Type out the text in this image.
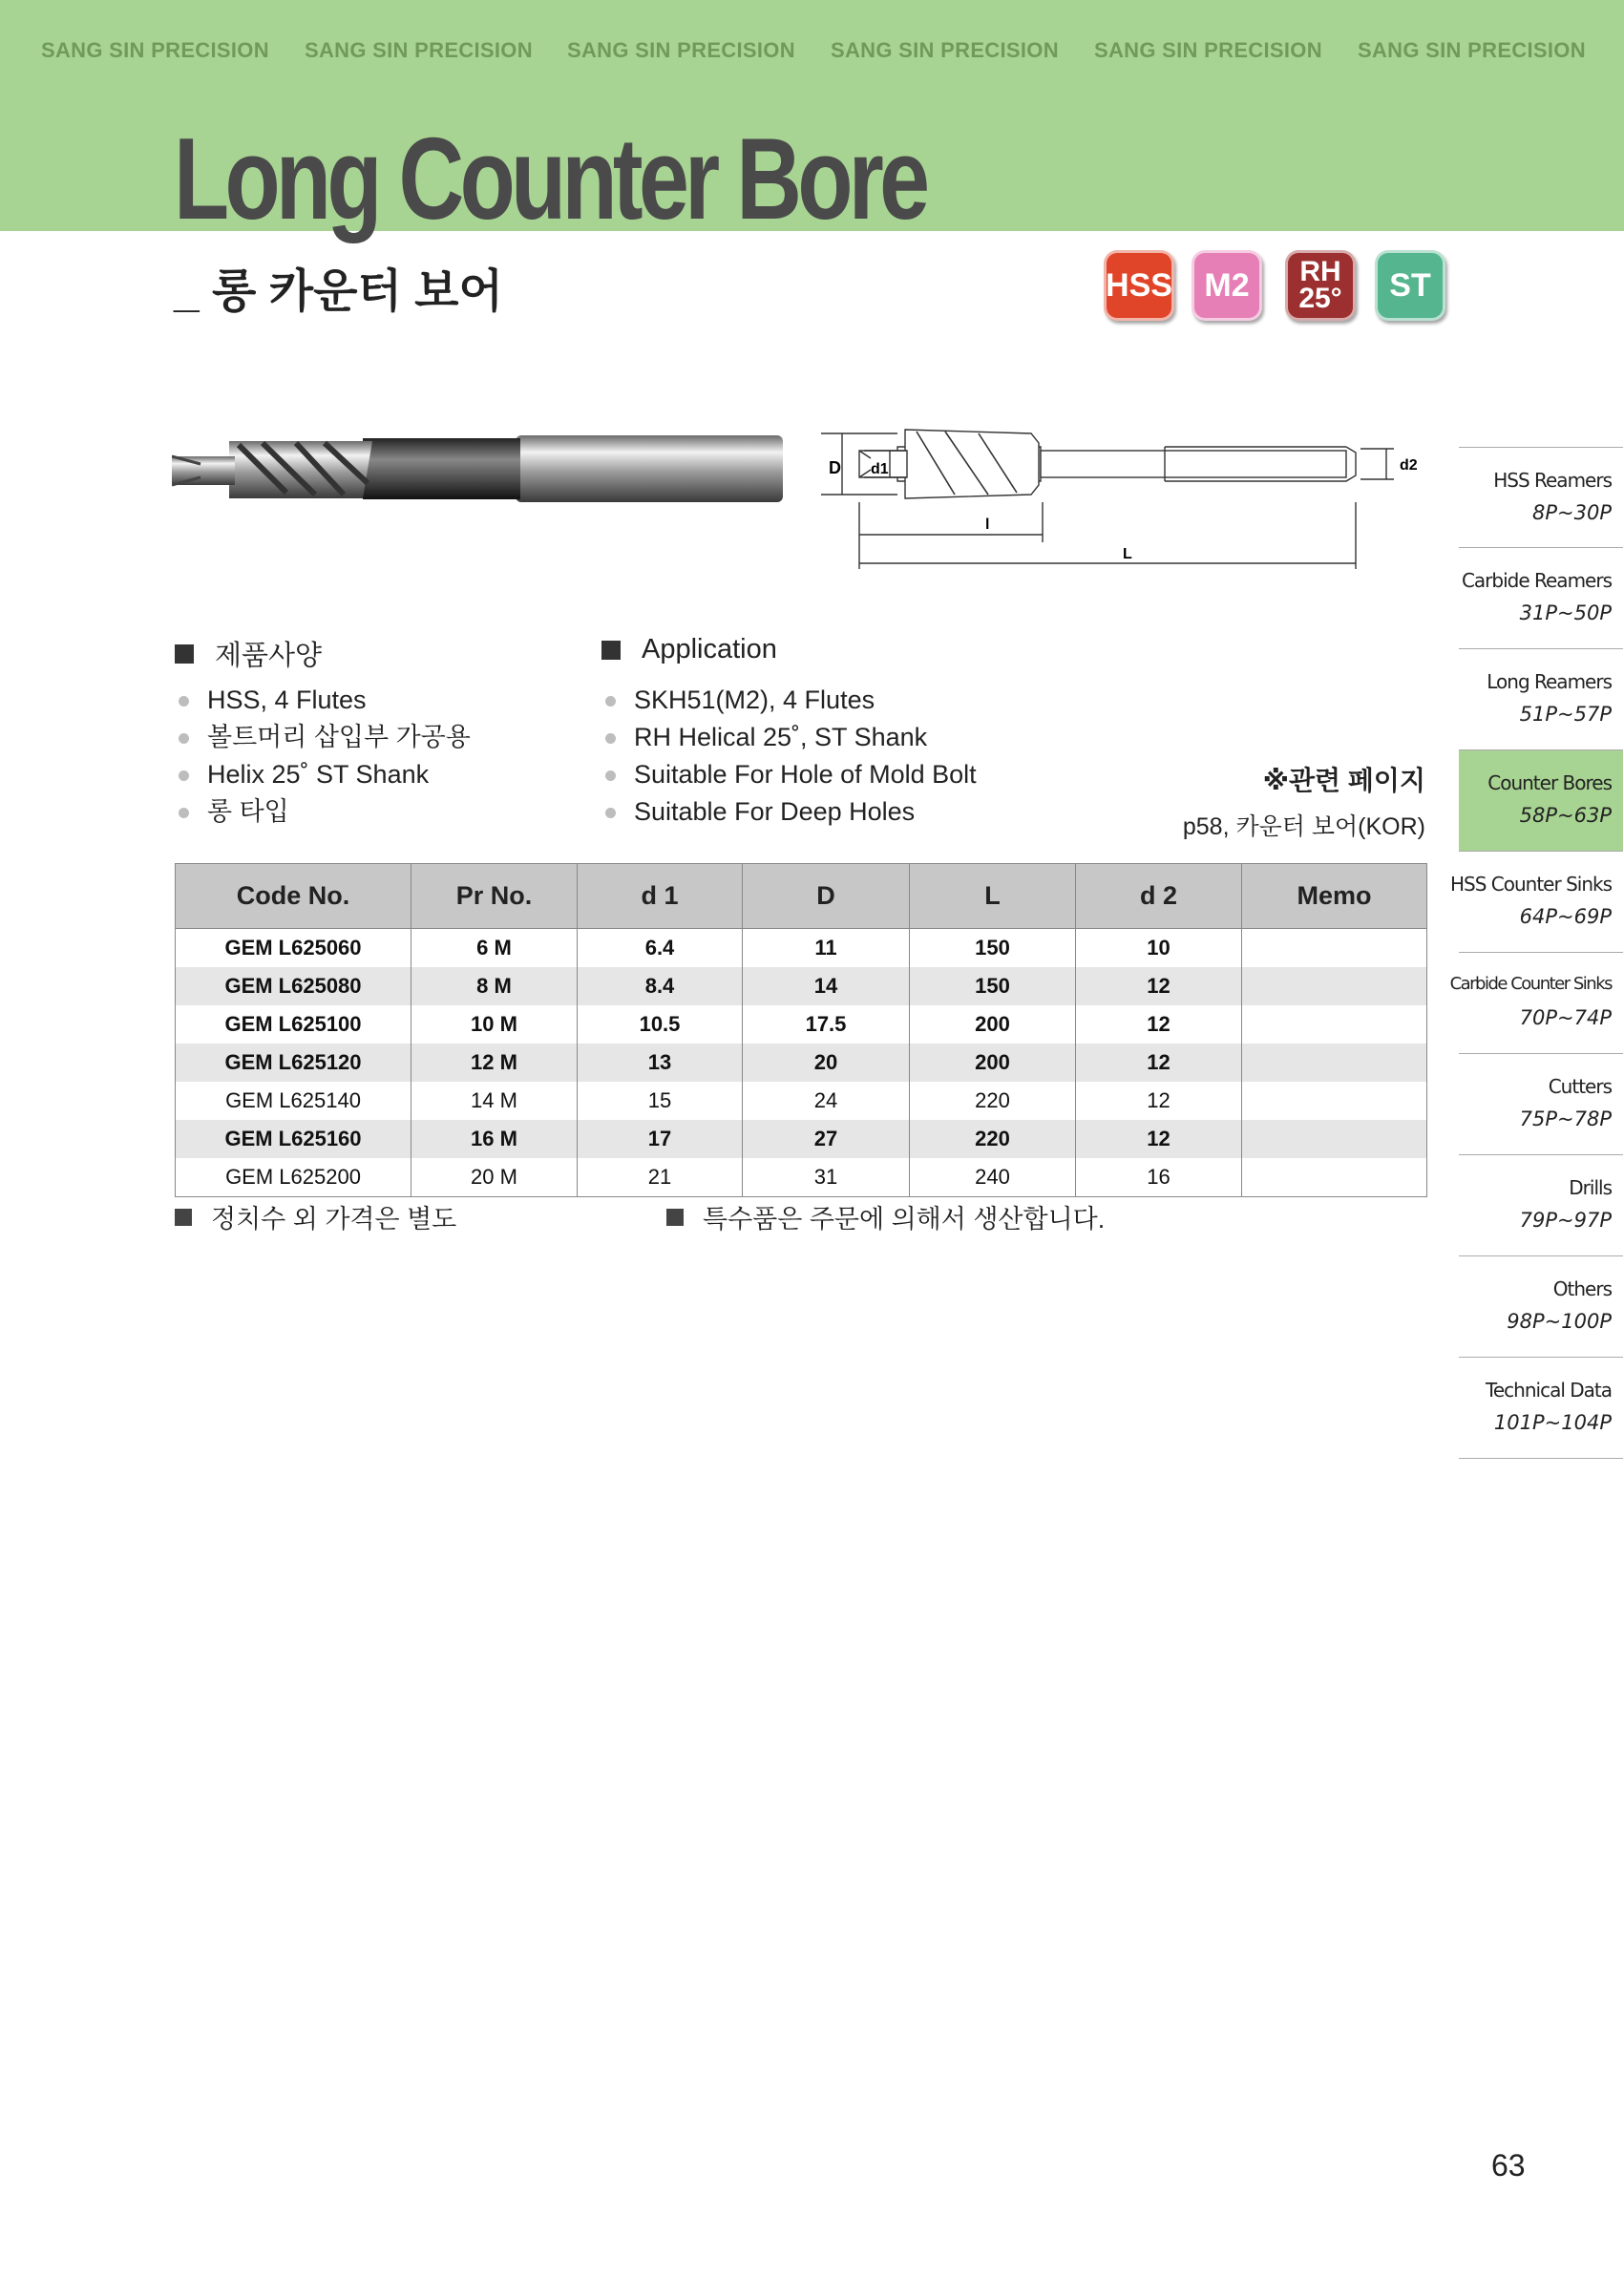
SANG SIN PRECISION SANG SIN PRECISION SANG SIN PRECISION SANG SIN PRECISION SANG SIN PRECISION SANG SIN PRECISION
Long Counter Bore
_ 롱 카운터 보어	HSS M2	RH
25°	ST
D d1	d2
l
L
제품사양
HSS, 4 Flutes
볼트머리 삽입부 가공용
Helix 25˚ ST Shank
롱 타입
Application
SKH51(M2), 4 Flutes
RH Helical 25˚, ST Shank
Suitable For Hole of Mold Bolt
Suitable For Deep Holes
※관련 페이지
p58, 카운터 보어(KOR)
Code No.	Pr No.	d 1	D	L	d 2	Memo
GEM L625060	6 M	6.4	11	150	10	
GEM L625080	8 M	8.4	14	150	12	
GEM L625100	10 M	10.5	17.5	200	12	
GEM L625120	12 M	13	20	200	12	
GEM L625140	14 M	15	24	220	12	
GEM L625160	16 M	17	27	220	12	
GEM L625200	20 M	21	31	240	16	
정치수 외 가격은 별도	특수품은 주문에 의해서 생산합니다.
HSS Reamers
8P~30P
Carbide Reamers
31P~50P
Long Reamers
51P~57P
Counter Bores
58P~63P
HSS Counter Sinks
64P~69P
Carbide Counter Sinks
70P~74P
Cutters
75P~78P
Drills
79P~97P
Others
98P~100P
Technical Data
101P~104P
63
